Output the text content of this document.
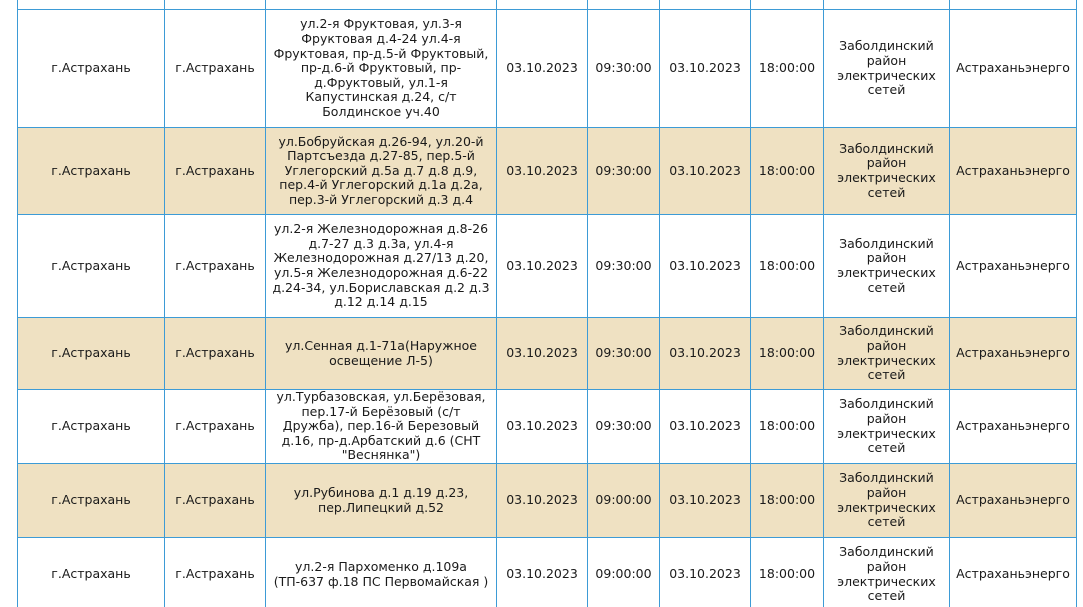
г.Астрахань	г.Астрахань	ул.2-я Фруктовая, ул.3-я Фруктовая д.4-24 ул.4-я Фруктовая, пр-д.5-й Фруктовый, пр-д.6-й Фруктовый, пр-д.Фруктовый, ул.1-я Капустинская д.24, с/т Болдинское уч.40	03.10.2023	09:30:00	03.10.2023	18:00:00	Заболдинский район электрических сетей	Астраханьэнерго
г.Астрахань	г.Астрахань	ул.Бобруйская д.26-94, ул.20-й Партсъезда д.27-85, пер.5-й Углегорский д.5а д.7 д.8 д.9, пер.4-й Углегорский д.1а д.2а, пер.3-й Углегорский д.3 д.4	03.10.2023	09:30:00	03.10.2023	18:00:00	Заболдинский район электрических сетей	Астраханьэнерго
г.Астрахань	г.Астрахань	ул.2-я Железнодорожная д.8-26 д.7-27 д.3 д.3а, ул.4-я Железнодорожная д.27/13 д.20, ул.5-я Железнодорожная д.6-22 д.24-34, ул.Бориславская д.2 д.3 д.12 д.14 д.15	03.10.2023	09:30:00	03.10.2023	18:00:00	Заболдинский район электрических сетей	Астраханьэнерго
г.Астрахань	г.Астрахань	ул.Сенная д.1-71а(Наружное освещение Л-5)	03.10.2023	09:30:00	03.10.2023	18:00:00	Заболдинский район электрических сетей	Астраханьэнерго
г.Астрахань	г.Астрахань	ул.Турбазовская, ул.Берёзовая, пер.17-й Берёзовый (с/т Дружба), пер.16-й Березовый д.16, пр-д.Арбатский д.6 (СНТ "Веснянка")	03.10.2023	09:30:00	03.10.2023	18:00:00	Заболдинский район электрических сетей	Астраханьэнерго
г.Астрахань	г.Астрахань	ул.Рубинова д.1 д.19 д.23, пер.Липецкий д.52	03.10.2023	09:00:00	03.10.2023	18:00:00	Заболдинский район электрических сетей	Астраханьэнерго
г.Астрахань	г.Астрахань	ул.2-я Пархоменко д.109а (ТП-637 ф.18 ПС Первомайская )	03.10.2023	09:00:00	03.10.2023	18:00:00	Заболдинский район электрических сетей	Астраханьэнерго
